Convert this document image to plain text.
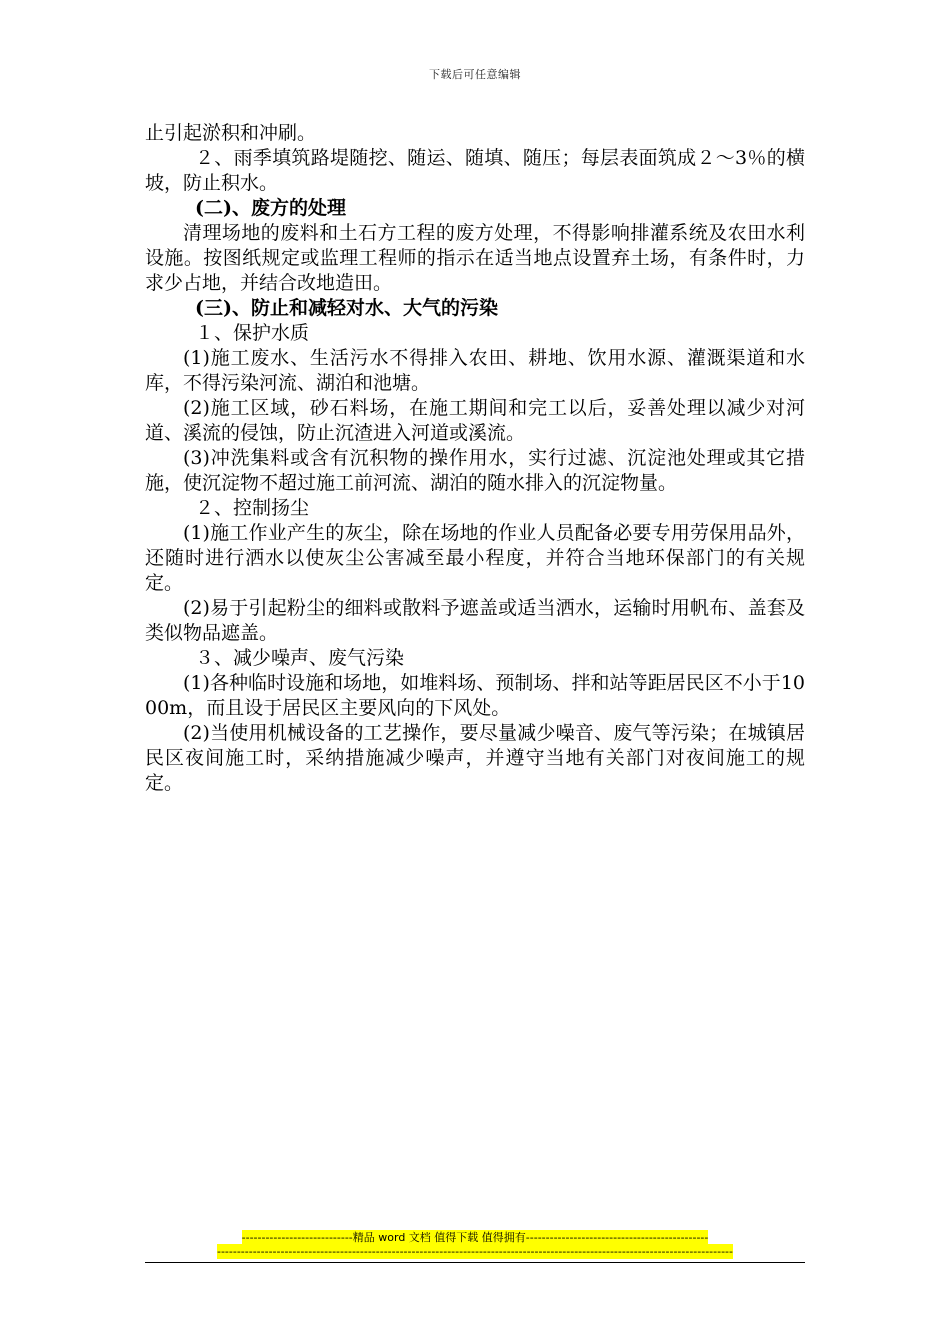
下载后可任意编辑

止引起淤积和冲刷。

２、雨季填筑路堤随挖、随运、随填、随压；每层表面筑成２～3％的横坡，防止积水。

(二)、废方的处理

清理场地的废料和土石方工程的废方处理，不得影响排灌系统及农田水利设施。按图纸规定或监理工程师的指示在适当地点设置弃土场，有条件时，力求少占地，并结合改地造田。

(三)、防止和减轻对水、大气的污染

１、保护水质

(1)施工废水、生活污水不得排入农田、耕地、饮用水源、灌溉渠道和水库，不得污染河流、湖泊和池塘。

(2)施工区域，砂石料场，在施工期间和完工以后，妥善处理以减少对河道、溪流的侵蚀，防止沉渣进入河道或溪流。

(3)冲洗集料或含有沉积物的操作用水，实行过滤、沉淀池处理或其它措施，使沉淀物不超过施工前河流、湖泊的随水排入的沉淀物量。

２、控制扬尘

(1)施工作业产生的灰尘，除在场地的作业人员配备必要专用劳保用品外，还随时进行洒水以使灰尘公害减至最小程度，并符合当地环保部门的有关规定。

(2)易于引起粉尘的细料或散料予遮盖或适当洒水，运输时用帆布、盖套及类似物品遮盖。

３、减少噪声、废气污染

(1)各种临时设施和场地，如堆料场、预制场、拌和站等距居民区不小于1000m，而且设于居民区主要风向的下风处。

(2)当使用机械设备的工艺操作，要尽量减少噪音、废气等污染；在城镇居民区夜间施工时，采纳措施减少噪声，并遵守当地有关部门对夜间施工的规定。

----------------------------精品 word 文档 值得下载 值得拥有----------------------------------------------
----------------------------------------------------------------------------------------------------------------------------------
